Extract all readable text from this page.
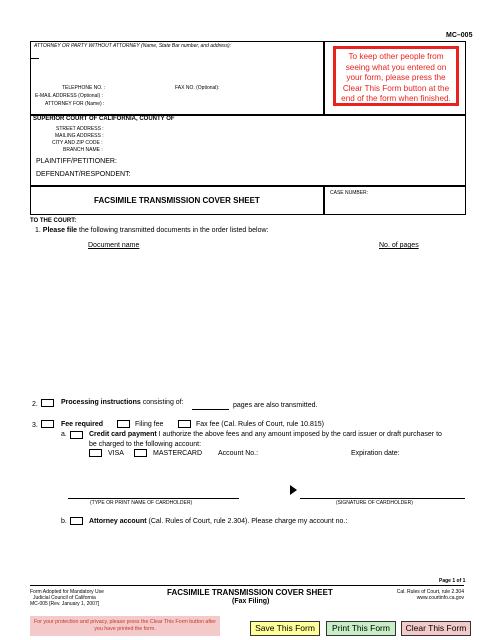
MC–005
ATTORNEY OR PARTY WITHOUT ATTORNEY (Name, State Bar number, and address):
TELEPHONE NO. :	FAX NO. (Optional):
E-MAIL ADDRESS (Optional) :
ATTORNEY FOR (Name) :
To keep other people from seeing what you entered on your form, please press the Clear This Form button at the end of the form when finished.
SUPERIOR COURT OF CALIFORNIA, COUNTY OF
STREET ADDRESS :
MAILING ADDRESS :
CITY AND ZIP CODE :
BRANCH NAME :
PLAINTIFF/PETITIONER:
DEFENDANT/RESPONDENT:
FACSIMILE TRANSMISSION COVER SHEET
CASE NUMBER:
TO THE COURT:
1. Please file the following transmitted documents in the order listed below:
Document name	No. of pages
2.	Processing instructions consisting of:	pages are also transmitted.
3.	Fee required	Filing fee	Fax fee (Cal. Rules of Court, rule 10.815)
a.	Credit card payment I authorize the above fees and any amount imposed by the card issuer or draft purchaser to
be charged to the following account:
VISA	MASTERCARD Account No.:	Expiration date:
(TYPE OR PRINT NAME OF CARDHOLDER)	(SIGNATURE OF CARDHOLDER)
b.	Attorney account (Cal. Rules of Court, rule 2.304). Please charge my account no.:
Page 1 of 1
Form Adopted for Mandatory Use
Judicial Council of California
MC-005 [Rev. January 1, 2007]
FACSIMILE TRANSMISSION COVER SHEET
(Fax Filing)
Cal. Rules of Court, rule 2.304
www.courtinfo.ca.gov
For your protection and privacy, please press the Clear This Form button after you have printed the form.	Save This Form	Print This Form	Clear This Form
